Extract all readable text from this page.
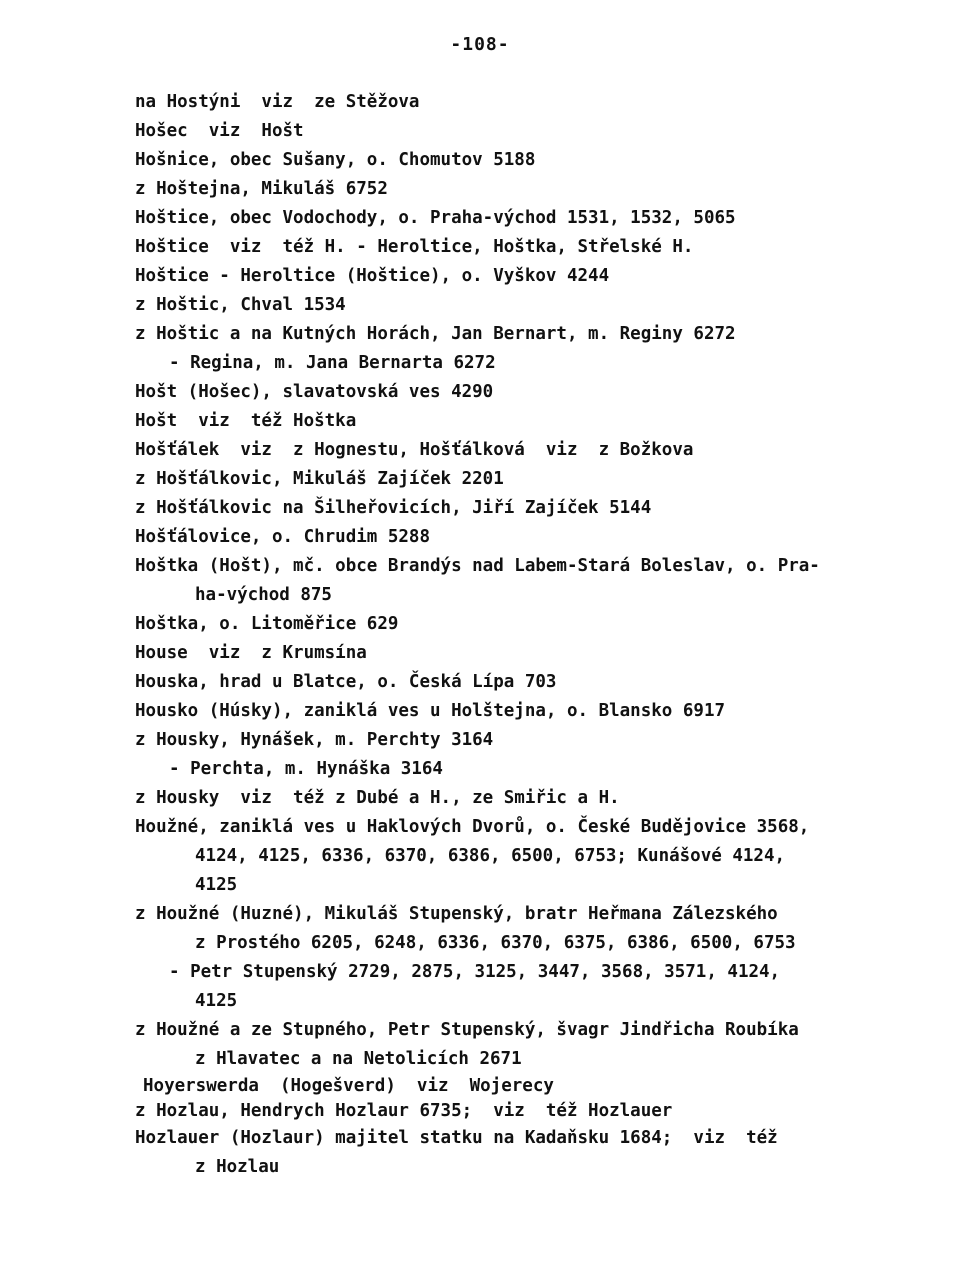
-108-
na Hostýni  viz  ze Stěžova
Hošec  viz  Hošt
Hošnice, obec Sušany, o. Chomutov 5188
z Hoštejna, Mikuláš 6752
Hoštice, obec Vodochody, o. Praha-východ 1531, 1532, 5065
Hoštice  viz  též H. - Heroltice, Hoštka, Střelské H.
Hoštice - Heroltice (Hoštice), o. Vyškov 4244
z Hoštic, Chval 1534
z Hoštic a na Kutných Horách, Jan Bernart, m. Reginy 6272
- Regina, m. Jana Bernarta 6272
Hošt (Hošec), slavatovská ves 4290
Hošt  viz  též Hoštka
Hošťálek  viz  z Hognestu, Hošťálková  viz  z Božkova
z Hošťálkovic, Mikuláš Zajíček 2201
z Hošťálkovic na Šilheřovicích, Jiří Zajíček 5144
Hošťálovice, o. Chrudim 5288
Hoštka (Hošt), mč. obce Brandýs nad Labem-Stará Boleslav, o. Pra-
ha-východ 875
Hoštka, o. Litoměřice 629
House  viz  z Krumsína
Houska, hrad u Blatce, o. Česká Lípa 703
Housko (Húsky), zaniklá ves u Holštejna, o. Blansko 6917
z Housky, Hynášek, m. Perchty 3164
- Perchta, m. Hynáška 3164
z Housky  viz  též z Dubé a H., ze Smiřic a H.
Houžné, zaniklá ves u Haklových Dvorů, o. České Budějovice 3568,
4124, 4125, 6336, 6370, 6386, 6500, 6753; Kunášové 4124,
4125
z Houžné (Huzné), Mikuláš Stupenský, bratr Heřmana Zálezského
z Prostého 6205, 6248, 6336, 6370, 6375, 6386, 6500, 6753
- Petr Stupenský 2729, 2875, 3125, 3447, 3568, 3571, 4124,
4125
z Houžné a ze Stupného, Petr Stupenský, švagr Jindřicha Roubíka
z Hlavatec a na Netolicích 2671
Hoyerswerda  (Hogešverd)  viz  Wojerecy
z Hozlau, Hendrych Hozlaur 6735;  viz  též Hozlauer
Hozlauer (Hozlaur) majitel statku na Kadaňsku 1684;  viz  též
z Hozlau
